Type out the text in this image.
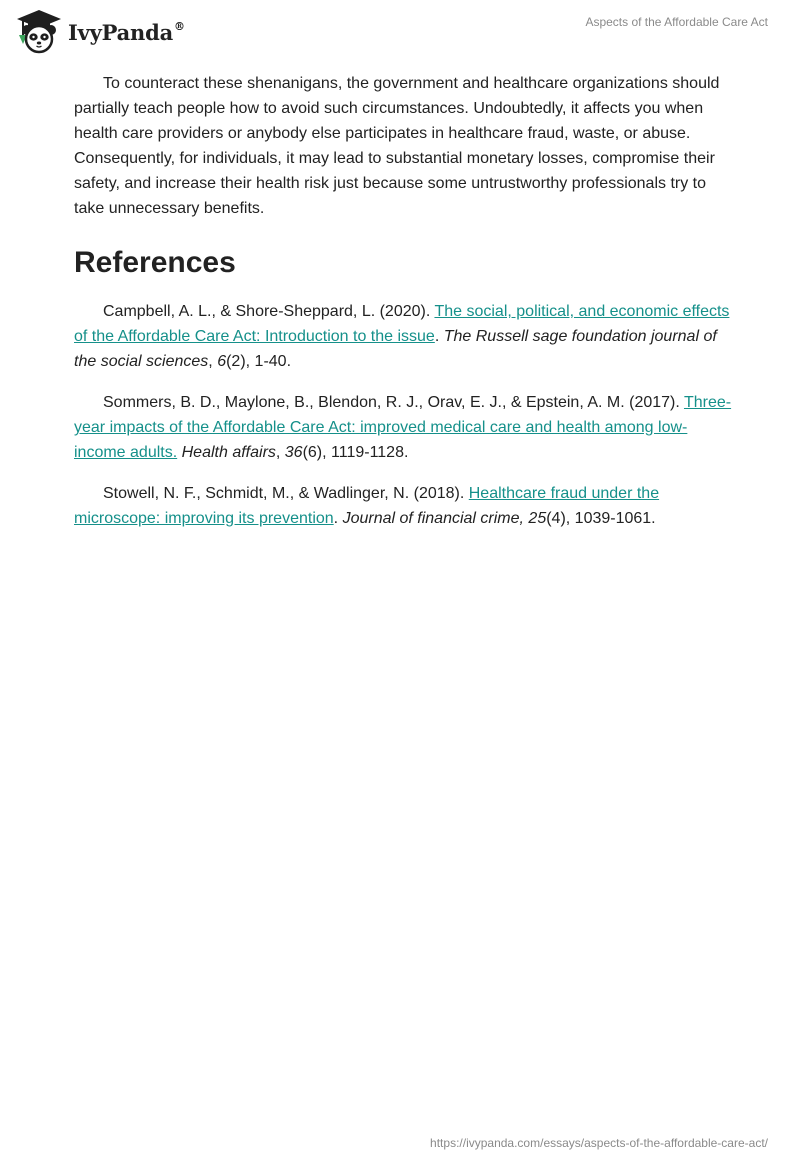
IvyPanda®	Aspects of the Affordable Care Act

To counteract these shenanigans, the government and healthcare organizations should partially teach people how to avoid such circumstances. Undoubtedly, it affects you when health care providers or anybody else participates in healthcare fraud, waste, or abuse. Consequently, for individuals, it may lead to substantial monetary losses, compromise their safety, and increase their health risk just because some untrustworthy professionals try to take unnecessary benefits.

References

Campbell, A. L., & Shore-Sheppard, L. (2020). The social, political, and economic effects of the Affordable Care Act: Introduction to the issue. The Russell sage foundation journal of the social sciences, 6(2), 1-40.

Sommers, B. D., Maylone, B., Blendon, R. J., Orav, E. J., & Epstein, A. M. (2017). Three-year impacts of the Affordable Care Act: improved medical care and health among low-income adults. Health affairs, 36(6), 1119-1128.

Stowell, N. F., Schmidt, M., & Wadlinger, N. (2018). Healthcare fraud under the microscope: improving its prevention. Journal of financial crime, 25(4), 1039-1061.

https://ivypanda.com/essays/aspects-of-the-affordable-care-act/
